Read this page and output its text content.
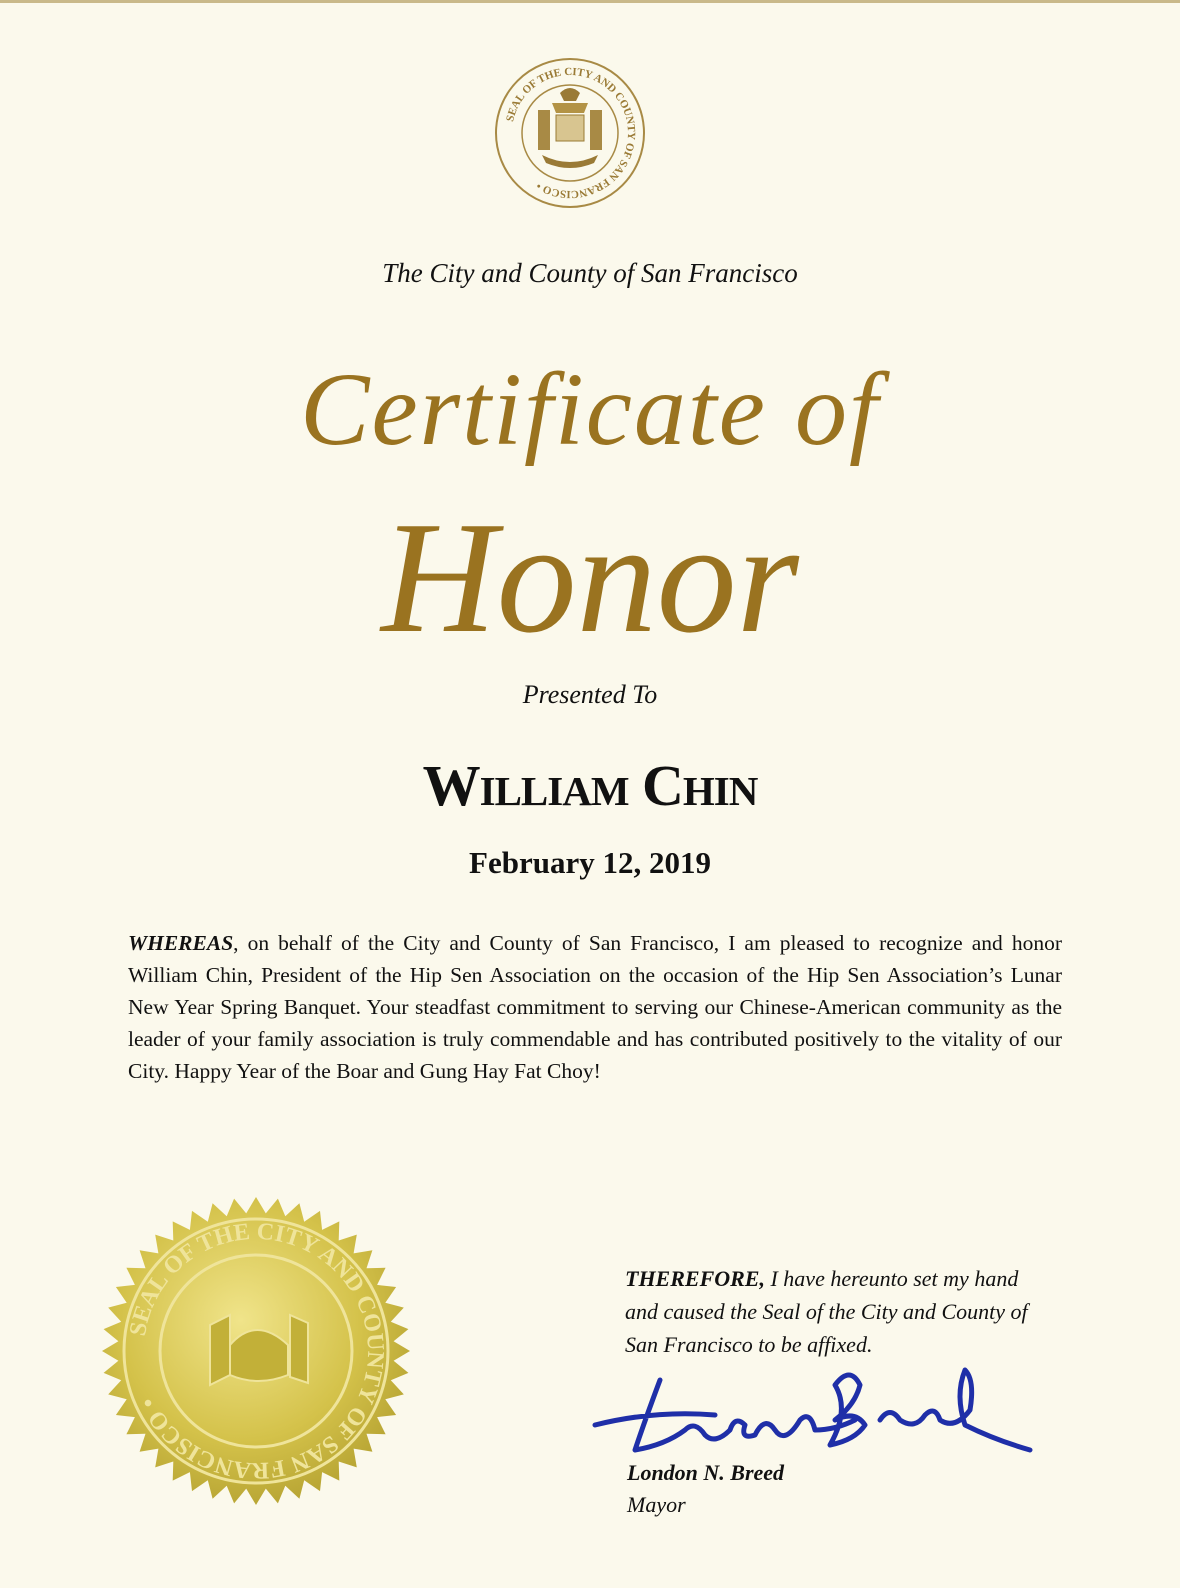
SEAL OF THE CITY AND COUNTY OF SAN FRANCISCO •
The City and County of San Francisco
Certificate of
Honor
Presented To
William Chin
February 12, 2019
WHEREAS, on behalf of the City and County of San Francisco, I am pleased to recognize and honor William Chin, President of the Hip Sen Association on the occasion of the Hip Sen Association’s Lunar New Year Spring Banquet. Your steadfast commitment to serving our Chinese-American community as the leader of your family association is truly commendable and has contributed positively to the vitality of our City. Happy Year of the Boar and Gung Hay Fat Choy!
SEAL OF THE CITY AND COUNTY OF SAN FRANCISCO •
THEREFORE, I have hereunto set my hand and caused the Seal of the City and County of San Francisco to be affixed.
London N. Breed
Mayor
